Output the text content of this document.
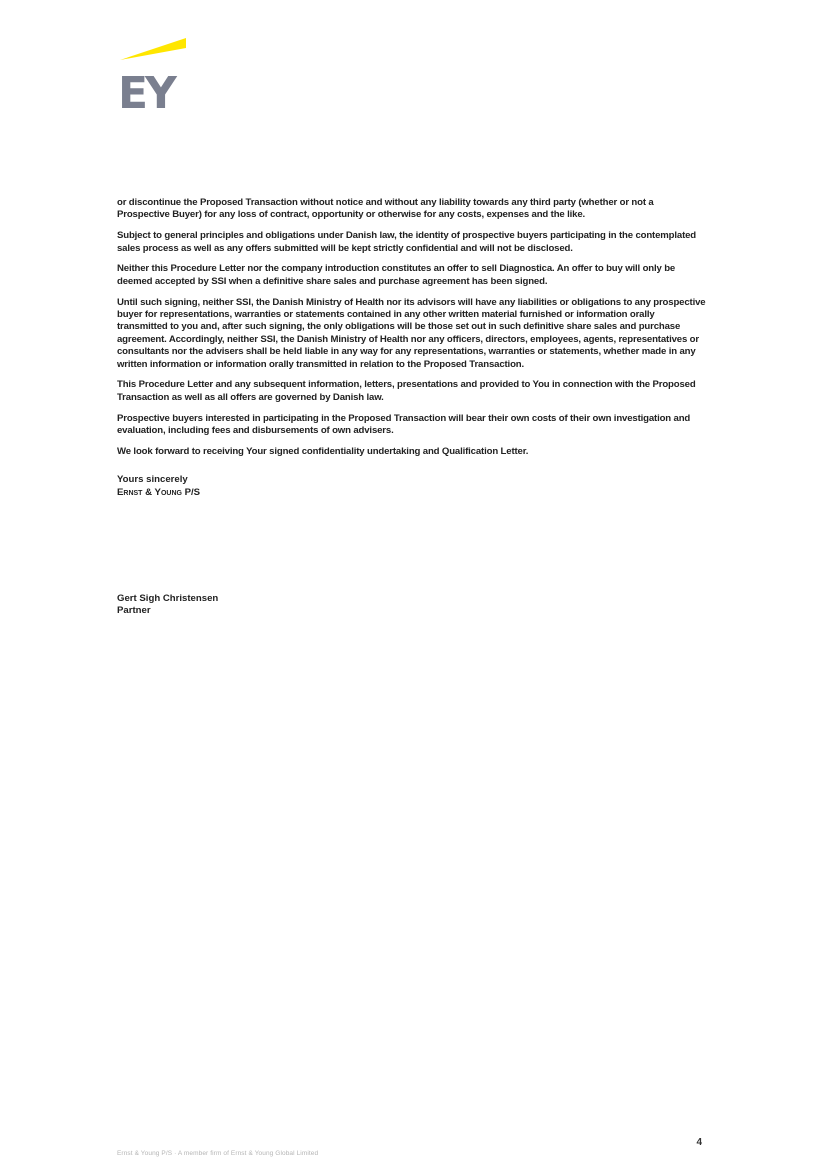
EY

or discontinue the Proposed Transaction without notice and without any liability towards any third party (whether or not a Prospective Buyer) for any loss of contract, opportunity or otherwise for any costs, expenses and the like.

Subject to general principles and obligations under Danish law, the identity of prospective buyers participating in the contemplated sales process as well as any offers submitted will be kept strictly confidential and will not be disclosed.

Neither this Procedure Letter nor the company introduction constitutes an offer to sell Diagnostica. An offer to buy will only be deemed accepted by SSI when a definitive share sales and purchase agreement has been signed.

Until such signing, neither SSI, the Danish Ministry of Health nor its advisors will have any liabilities or obligations to any prospective buyer for representations, warranties or statements contained in any other written material furnished or information orally transmitted to you and, after such signing, the only obligations will be those set out in such definitive share sales and purchase agreement. Accordingly, neither SSI, the Danish Ministry of Health nor any officers, directors, employees, agents, representatives or consultants nor the advisers shall be held liable in any way for any representations, warranties or statements, whether made in any written information or information orally transmitted in relation to the Proposed Transaction.

This Procedure Letter and any subsequent information, letters, presentations and provided to You in connection with the Proposed Transaction as well as all offers are governed by Danish law.

Prospective buyers interested in participating in the Proposed Transaction will bear their own costs of their own investigation and evaluation, including fees and disbursements of own advisers.

We look forward to receiving Your signed confidentiality undertaking and Qualification Letter.

Yours sincerely
Ernst & Young P/S
Gert Sigh Christensen
Partner
4
Ernst & Young P/S · A member firm of Ernst & Young Global Limited
